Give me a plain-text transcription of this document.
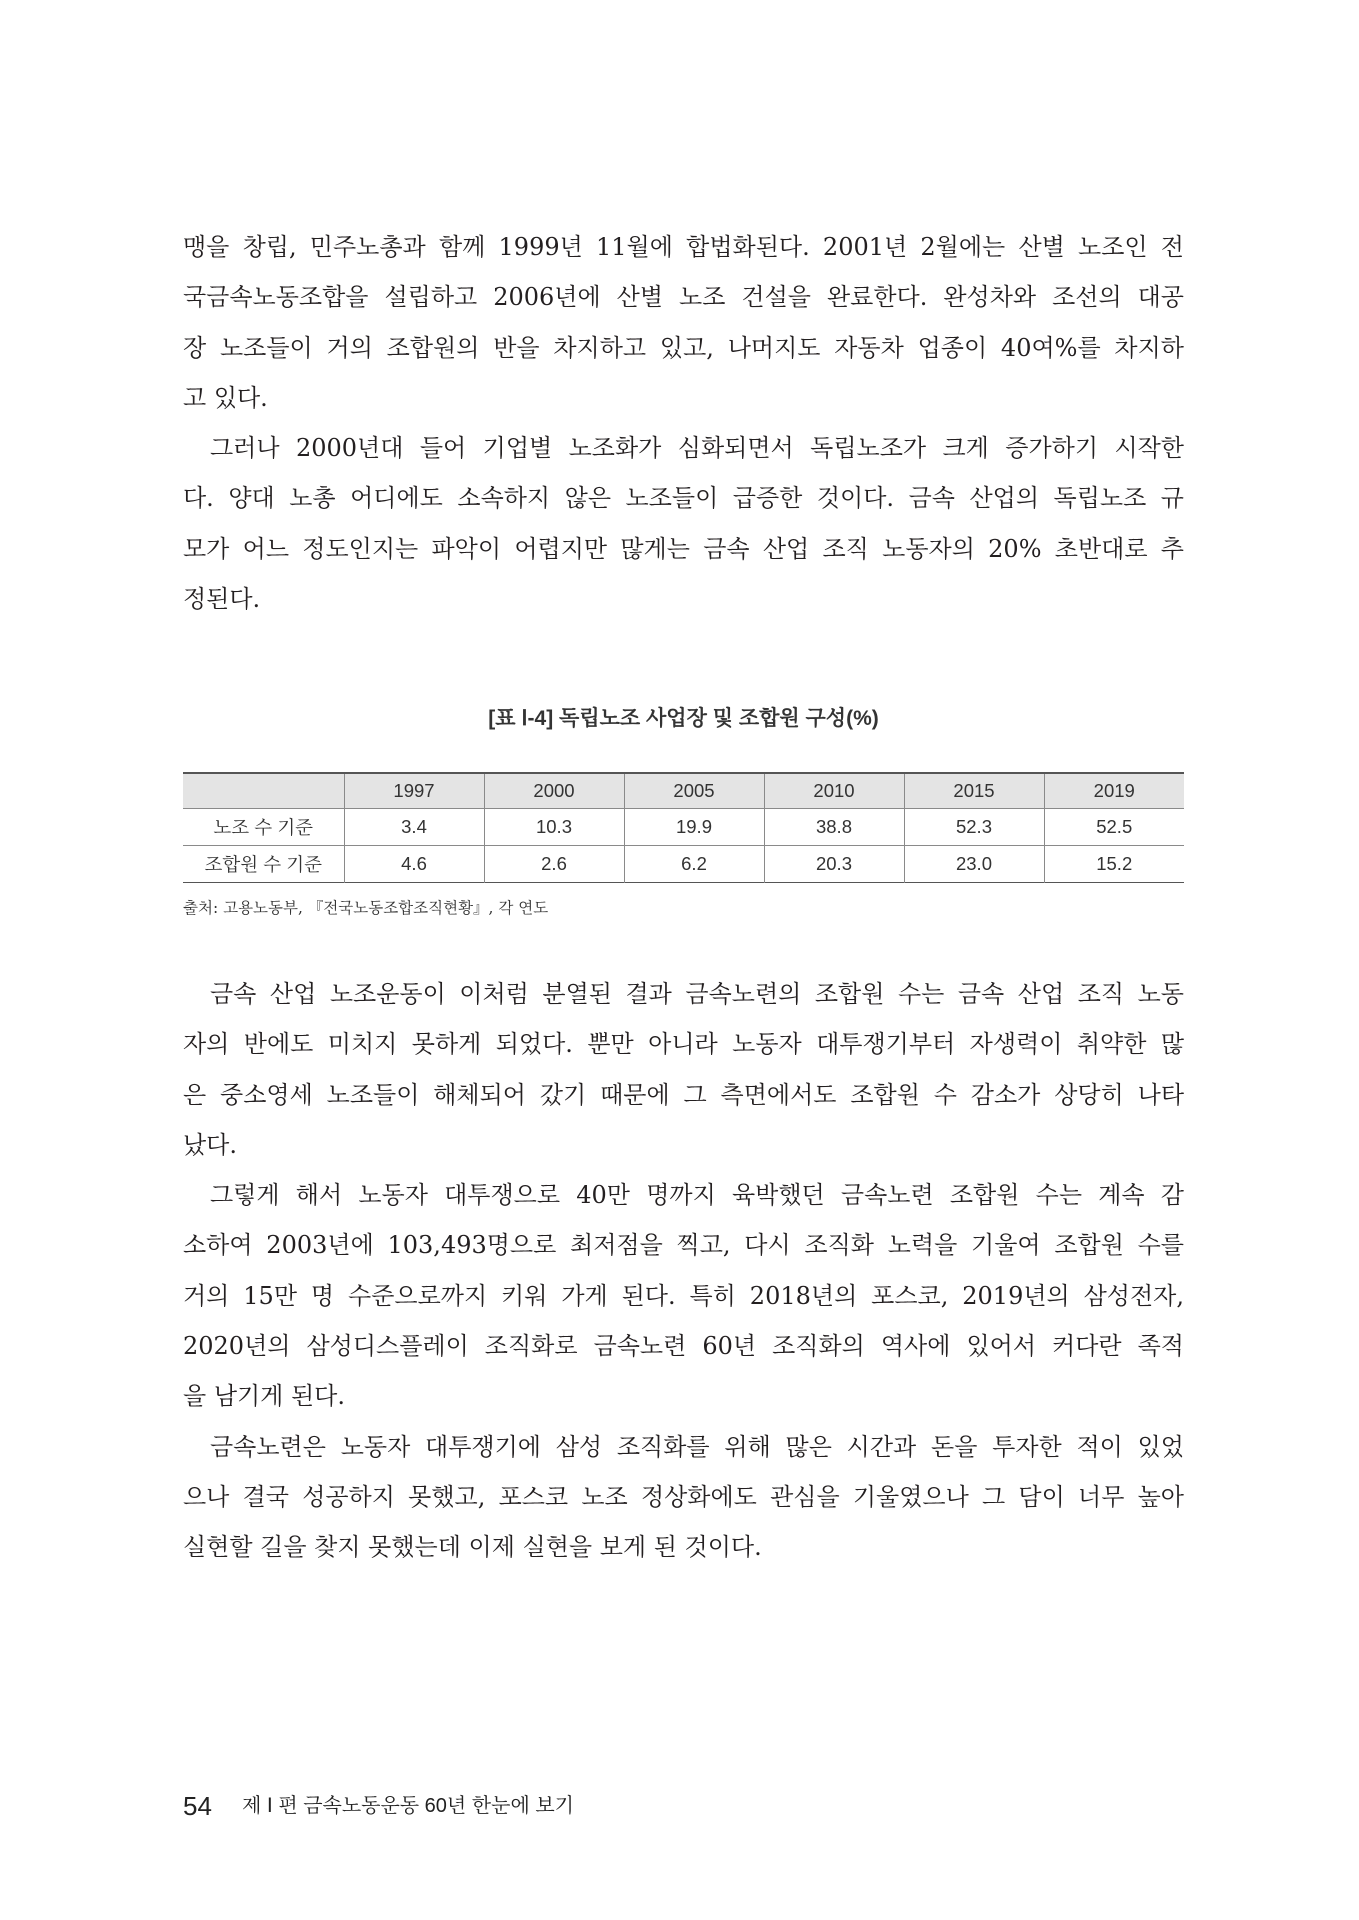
맹을 창립, 민주노총과 함께 1999년 11월에 합법화된다. 2001년 2월에는 산별 노조인 전
국금속노동조합을 설립하고 2006년에 산별 노조 건설을 완료한다. 완성차와 조선의 대공
장 노조들이 거의 조합원의 반을 차지하고 있고, 나머지도 자동차 업종이 40여%를 차지하
고 있다.
그러나 2000년대 들어 기업별 노조화가 심화되면서 독립노조가 크게 증가하기 시작한
다. 양대 노총 어디에도 소속하지 않은 노조들이 급증한 것이다. 금속 산업의 독립노조 규
모가 어느 정도인지는 파악이 어렵지만 많게는 금속 산업 조직 노동자의 20% 초반대로 추
정된다.
[표 Ⅰ-4] 독립노조 사업장 및 조합원 구성(%)
	1997	2000	2005	2010	2015	2019
노조 수 기준	3.4	10.3	19.9	38.8	52.3	52.5
조합원 수 기준	4.6	2.6	6.2	20.3	23.0	15.2
출처: 고용노동부, 『전국노동조합조직현황』, 각 연도
금속 산업 노조운동이 이처럼 분열된 결과 금속노련의 조합원 수는 금속 산업 조직 노동
자의 반에도 미치지 못하게 되었다. 뿐만 아니라 노동자 대투쟁기부터 자생력이 취약한 많
은 중소영세 노조들이 해체되어 갔기 때문에 그 측면에서도 조합원 수 감소가 상당히 나타
났다.
그렇게 해서 노동자 대투쟁으로 40만 명까지 육박했던 금속노련 조합원 수는 계속 감
소하여 2003년에 103,493명으로 최저점을 찍고, 다시 조직화 노력을 기울여 조합원 수를
거의 15만 명 수준으로까지 키워 가게 된다. 특히 2018년의 포스코, 2019년의 삼성전자,
2020년의 삼성디스플레이 조직화로 금속노련 60년 조직화의 역사에 있어서 커다란 족적
을 남기게 된다.
금속노련은 노동자 대투쟁기에 삼성 조직화를 위해 많은 시간과 돈을 투자한 적이 있었
으나 결국 성공하지 못했고, 포스코 노조 정상화에도 관심을 기울였으나 그 담이 너무 높아
실현할 길을 찾지 못했는데 이제 실현을 보게 된 것이다.
54	제 Ⅰ 편 금속노동운동 60년 한눈에 보기
